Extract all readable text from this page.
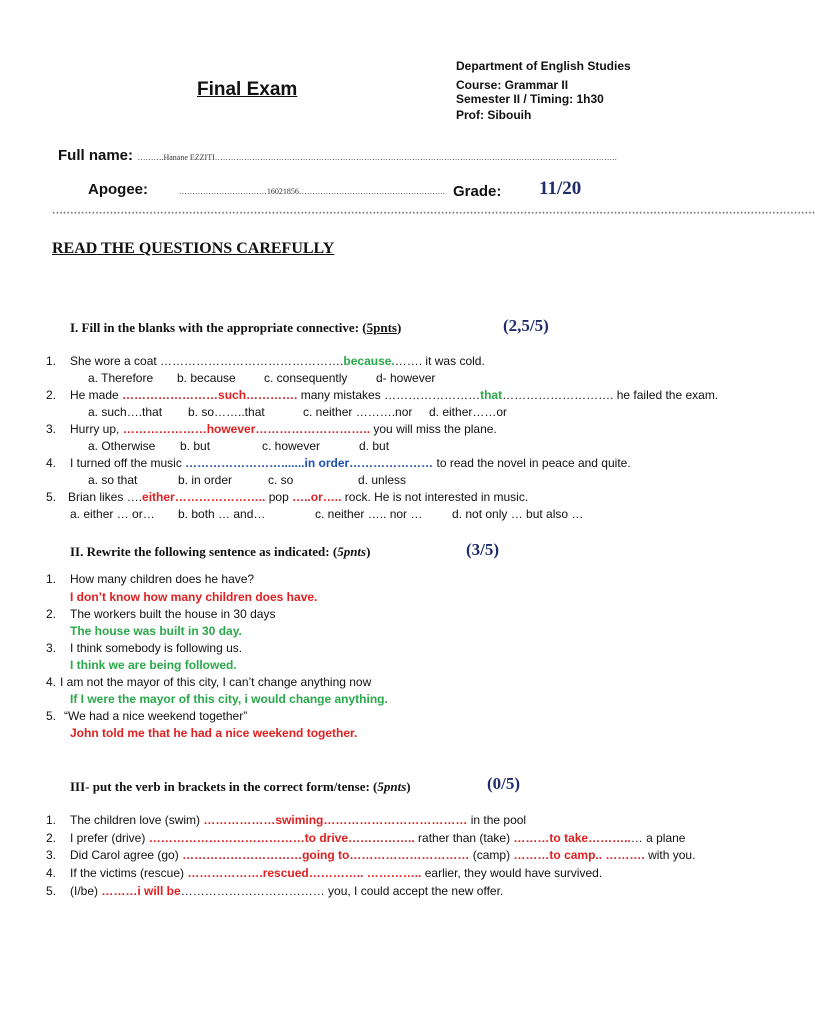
Final Exam
Department of English Studies
Course: Grammar II
Semester II / Timing: 1h30
Prof: Sibouih
Full name: ……….Hanane EZZITI…………………………………………………………………………………………………………………………………….
Apogee:	……………………………16021856………………………………………………. Grade: 11/20
********************************************************************************************************************************************************************************************************************
READ THE QUESTIONS CAREFULLY
I. Fill in the blanks with the appropriate connective: (5pnts)	(2,5/5)
1. She wore a coat ……………………………………….because.……. it was cold.
a. Therefore b. because c. consequently d- however
2. He made ……………………such…………. many mistakes ……………………that………………………. he failed the exam.
a. such….that b. so……..that	c. neither ……….nor d. either……or
3. Hurry up, …………………however……………………….. you will miss the plane.
a. Otherwise b. but	c. however	d. but
4. I turned off the music …………………….......in order………………… to read the novel in peace and quite.
a. so that	b. in order	c. so	d. unless
5. Brian likes ….either………………….. pop …..or….. rock. He is not interested in music.
a. either … or… b. both … and…	c. neither ….. nor … d. not only … but also …
II. Rewrite the following sentence as indicated: (5pnts)	(3/5)
1. How many children does he have?
I don’t know how many children does have.
2. The workers built the house in 30 days
The house was built in 30 day.
3. I think somebody is following us.
I think we are being followed.
4. I am not the mayor of this city, I can’t change anything now
If I were the mayor of this city, i would change anything.
5. “We had a nice weekend together”
John told me that he had a nice weekend together.
III- put the verb in brackets in the correct form/tense: (5pnts)	(0/5)
1. The children love (swim) ………………swiming……………………………… in the pool
2. I prefer (drive) …………………………………to drive…………….. rather than (take) ………to take………..… a plane
3. Did Carol agree (go) …………………………going to………………………… (camp) ………to camp.. ………. with you.
4. If the victims (rescue) ……………….rescued………….. ………….. earlier, they would have survived.
5. (I/be) ………i will be……………………………… you, I could accept the new offer.
